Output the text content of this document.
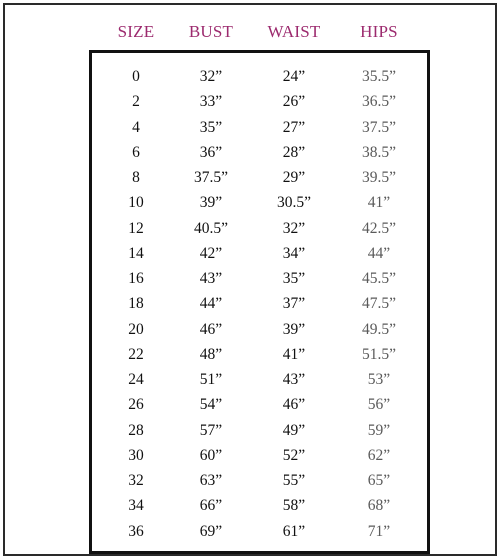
SIZE	BUST	WAIST	HIPS
0	32”	24”	35.5”
2	33”	26”	36.5”
4	35”	27”	37.5”
6	36”	28”	38.5”
8	37.5”	29”	39.5”
10	39”	30.5”	41”
12	40.5”	32”	42.5”
14	42”	34”	44”
16	43”	35”	45.5”
18	44”	37”	47.5”
20	46”	39”	49.5”
22	48”	41”	51.5”
24	51”	43”	53”
26	54”	46”	56”
28	57”	49”	59”
30	60”	52”	62”
32	63”	55”	65”
34	66”	58”	68”
36	69”	61”	71”
